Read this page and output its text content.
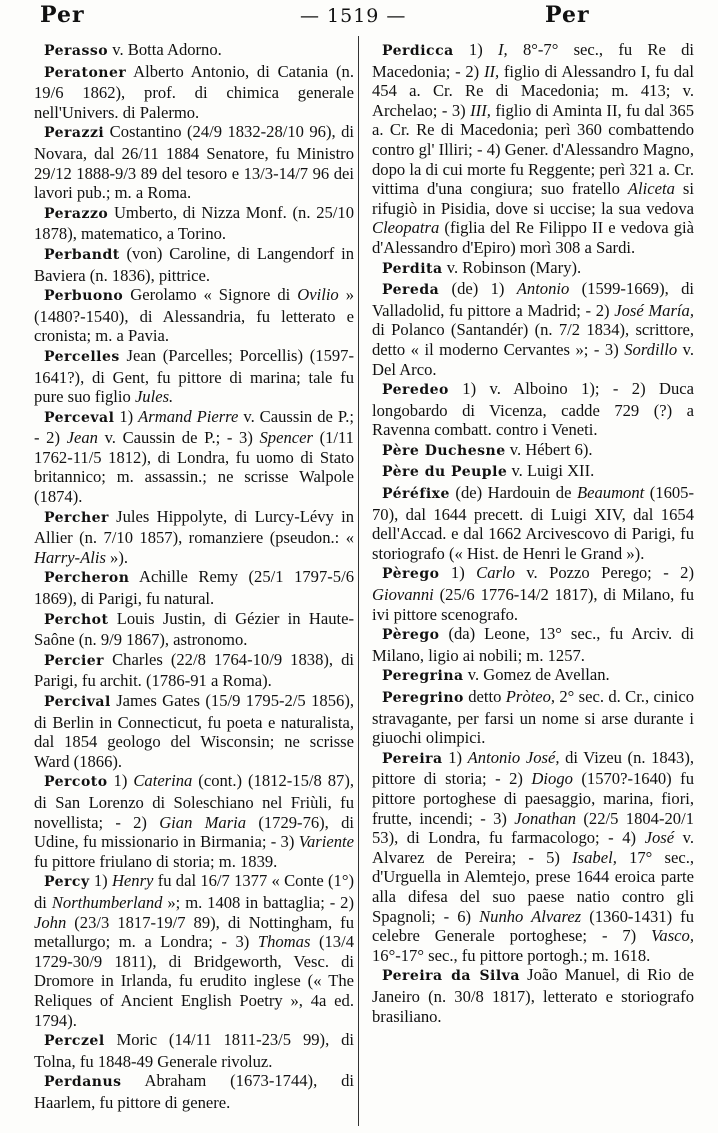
Per	— 1519 —	Per

Perasso v. Botta Adorno.

Peratoner Alberto Antonio, di Catania (n. 19/6 1862), prof. di chimica generale nell'Univers. di Palermo.

Perazzi Costantino (24/9 1832-28/10 96), di Novara, dal 26/11 1884 Senatore, fu Ministro 29/12 1888-9/3 89 del tesoro e 13/3-14/7 96 dei lavori pub.; m. a Roma.

Perazzo Umberto, di Nizza Monf. (n. 25/10 1878), matematico, a Torino.

Perbandt (von) Caroline, di Langendorf in Baviera (n. 1836), pittrice.

Perbuono Gerolamo « Signore di Ovilio » (1480?-1540), di Alessandria, fu letterato e cronista; m. a Pavia.

Percelles Jean (Parcelles; Porcellis) (1597-1641?), di Gent, fu pittore di marina; tale fu pure suo figlio Jules.

Perceval 1) Armand Pierre v. Caussin de P.; - 2) Jean v. Caussin de P.; - 3) Spencer (1/11 1762-11/5 1812), di Londra, fu uomo di Stato britannico; m. assassin.; ne scrisse Walpole (1874).

Percher Jules Hippolyte, di Lurcy-Lévy in Allier (n. 7/10 1857), romanziere (pseudon.: « Harry-Alis »).

Percheron Achille Remy (25/1 1797-5/6 1869), di Parigi, fu natural.

Perchot Louis Justin, di Gézier in Haute-Saône (n. 9/9 1867), astronomo.

Percier Charles (22/8 1764-10/9 1838), di Parigi, fu archit. (1786-91 a Roma).

Percival James Gates (15/9 1795-2/5 1856), di Berlin in Connecticut, fu poeta e naturalista, dal 1854 geologo del Wisconsin; ne scrisse Ward (1866).

Percoto 1) Caterina (cont.) (1812-15/8 87), di San Lorenzo di Soleschiano nel Friùli, fu novellista; - 2) Gian Maria (1729-76), di Udine, fu missionario in Birmania; - 3) Variente fu pittore friulano di storia; m. 1839.

Percy 1) Henry fu dal 16/7 1377 « Conte (1°) di Northumberland »; m. 1408 in battaglia; - 2) John (23/3 1817-19/7 89), di Nottingham, fu metallurgo; m. a Londra; - 3) Thomas (13/4 1729-30/9 1811), di Bridgeworth, Vesc. di Dromore in Irlanda, fu erudito inglese (« The Reliques of Ancient English Poetry », 4a ed. 1794).

Perczel Moric (14/11 1811-23/5 99), di Tolna, fu 1848-49 Generale rivoluz.

Perdanus Abraham (1673-1744), di Haarlem, fu pittore di genere.

Perdicca 1) I, 8°-7° sec., fu Re di Macedonia; - 2) II, figlio di Alessandro I, fu dal 454 a. Cr. Re di Macedonia; m. 413; v. Archelao; - 3) III, figlio di Aminta II, fu dal 365 a. Cr. Re di Macedonia; perì 360 combattendo contro gl' Illiri; - 4) Gener. d'Alessandro Magno, dopo la di cui morte fu Reggente; perì 321 a. Cr. vittima d'una congiura; suo fratello Aliceta si rifugiò in Pisidia, dove si uccise; la sua vedova Cleopatra (figlia del Re Filippo II e vedova già d'Alessandro d'Epiro) morì 308 a Sardi.

Perdita v. Robinson (Mary).

Pereda (de) 1) Antonio (1599-1669), di Valladolid, fu pittore a Madrid; - 2) José María, di Polanco (Santandér) (n. 7/2 1834), scrittore, detto « il moderno Cervantes »; - 3) Sordillo v. Del Arco.

Peredeo 1) v. Alboino 1); - 2) Duca longobardo di Vicenza, cadde 729 (?) a Ravenna combatt. contro i Veneti.

Père Duchesne v. Hébert 6).

Père du Peuple v. Luigi XII.

Péréfixe (de) Hardouin de Beaumont (1605-70), dal 1644 precett. di Luigi XIV, dal 1654 dell'Accad. e dal 1662 Arcivescovo di Parigi, fu storiografo (« Hist. de Henri le Grand »).

Pèrego 1) Carlo v. Pozzo Perego; - 2) Giovanni (25/6 1776-14/2 1817), di Milano, fu ivi pittore scenografo.

Pèrego (da) Leone, 13° sec., fu Arciv. di Milano, ligio ai nobili; m. 1257.

Peregrina v. Gomez de Avellan.

Peregrino detto Pròteo, 2° sec. d. Cr., cinico stravagante, per farsi un nome si arse durante i giuochi olimpici.

Pereira 1) Antonio José, di Vizeu (n. 1843), pittore di storia; - 2) Diogo (1570?-1640) fu pittore portoghese di paesaggio, marina, fiori, frutte, incendi; - 3) Jonathan (22/5 1804-20/1 53), di Londra, fu farmacologo; - 4) José v. Alvarez de Pereira; - 5) Isabel, 17° sec., d'Urguella in Alemtejo, prese 1644 eroica parte alla difesa del suo paese natio contro gli Spagnoli; - 6) Nunho Alvarez (1360-1431) fu celebre Generale portoghese; - 7) Vasco, 16°-17° sec., fu pittore portogh.; m. 1618.

Pereira da Silva João Manuel, di Rio de Janeiro (n. 30/8 1817), letterato e storiografo brasiliano.
